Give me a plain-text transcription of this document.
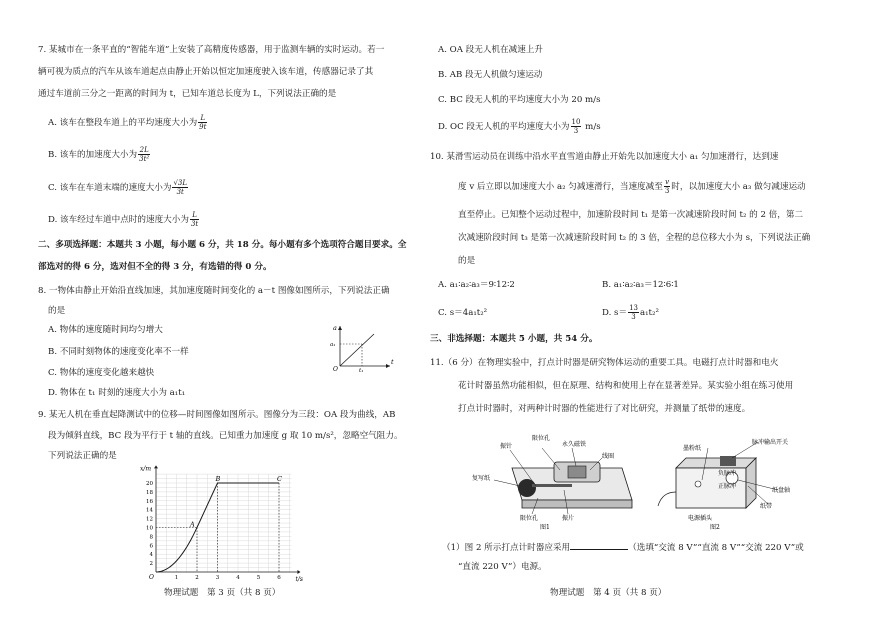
7. 某城市在一条平直的“智能车道”上安装了高精度传感器，用于监测车辆的实时运动。若一
辆可视为质点的汽车从该车道起点由静止开始以恒定加速度驶入该车道，传感器记录了其
通过车道前三分之一距离的时间为 t，已知车道总长度为 L，下列说法正确的是
A. 该车在整段车道上的平均速度大小为 $\frac{L}{9t}$
B. 该车的加速度大小为 $\frac{2L}{\text{3t²}}$
C. 该车在车道末端的速度大小为 $\frac{√3L}{3t}$
D. 该车经过车道中点时的速度大小为 $\frac{L}{3t}$
二、多项选择题：本题共 3 小题，每小题 6 分，共 18 分。每小题有多个选项符合题目要求。全
部选对的得 6 分，选对但不全的得 3 分，有选错的得 0 分。
8. 一物体由静止开始沿直线加速，其加速度随时间变化的 a－t 图像如图所示，下列说法正确
的是
A. 物体的速度随时间均匀增大
B. 不同时刻物体的速度变化率不一样
C. 物体的速度变化越来越快
D. 物体在 t₁ 时刻的速度大小为 a₁t₁
a
t
O
a₁
t₁
9. 某无人机在垂直起降测试中的位移—时间图像如图所示。图像分为三段：OA 段为曲线，AB
段为倾斜直线，BC 段为平行于 t 轴的直线。已知重力加速度 g 取 10 m/s²，忽略空气阻力。
下列说法正确的是
x/m
t/s
O
20
18
16
14
12
10
8
6
4
2
1	2	3	4	5	6
A
B	C
物理试题　第 3 页（共 8 页）
A. OA 段无人机在减速上升
B. AB 段无人机做匀速运动
C. BC 段无人机的平均速度大小为 20 m/s
D. OC 段无人机的平均速度大小为 $\frac{10}{3} m/s$
10. 某滑雪运动员在训练中沿水平直雪道由静止开始先以加速度大小 a₁ 匀加速滑行，达到速
度 v 后立即以加速度大小 a₂ 匀减速滑行，当速度减至 $\frac{v}{3}$ 时，以加速度大小 a₃ 做匀减速运动
直至停止。已知整个运动过程中，加速阶段时间 t₁ 是第一次减速阶段时间 t₂ 的 2 倍，第二
次减速阶段时间 t₃ 是第一次减速阶段时间 t₂ 的 3 倍，全程的总位移大小为 s，下列说法正确
的是
A. a₁∶a₂∶a₃＝9∶12∶2	B. a₁∶a₂∶a₃＝12∶6∶1
C. s＝4a₁t₂²	D. $s= \frac{13}{3} a_1t_2^2$
三、非选择题：本题共 5 小题，共 54 分。
11.（6 分）在物理实验中，打点计时器是研究物体运动的重要工具。电磁打点计时器和电火
花计时器虽然功能相似，但在原理、结构和使用上存在显著差异。某实验小组在练习使用
打点计时器时，对两种计时器的性能进行了对比研究，并测量了纸带的速度。
限位孔
永久磁铁
振针
线圈
复写纸
限位孔	振片
图1
墨粉纸
脉冲输出开关
负脉冲
纸盘轴
正脉冲
纸带
电源插头
图2
（1）图 2 所示打点计时器应采用	（选填“交流 8 V”“直流 8 V”“交流 220 V”或
“直流 220 V”）电源。
物理试题　第 4 页（共 8 页）
